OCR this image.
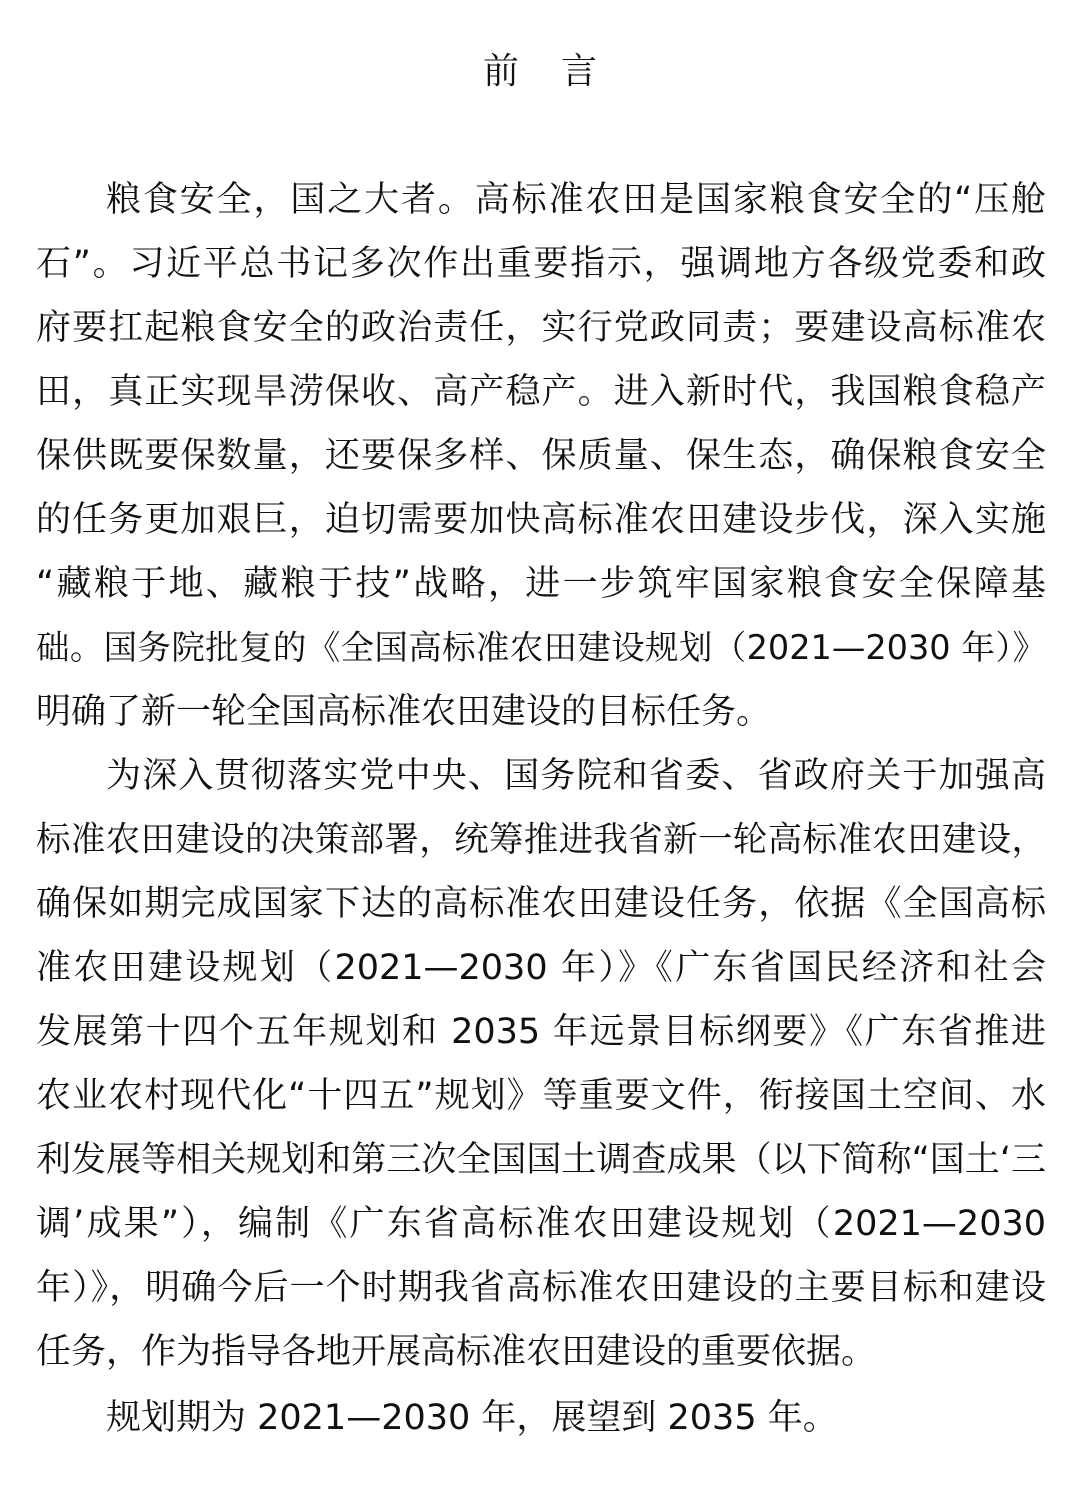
前言
粮食安全，国之大者。高标准农田是国家粮食安全的“压舱
石”。习近平总书记多次作出重要指示，强调地方各级党委和政
府要扛起粮食安全的政治责任，实行党政同责；要建设高标准农
田，真正实现旱涝保收、高产稳产。进入新时代，我国粮食稳产
保供既要保数量，还要保多样、保质量、保生态，确保粮食安全
的任务更加艰巨，迫切需要加快高标准农田建设步伐，深入实施
“藏粮于地、藏粮于技”战略，进一步筑牢国家粮食安全保障基
础。国务院批复的《全国高标准农田建设规划（2021—2030 年）》
明确了新一轮全国高标准农田建设的目标任务。
为深入贯彻落实党中央、国务院和省委、省政府关于加强高
标准农田建设的决策部署，统筹推进我省新一轮高标准农田建设，
确保如期完成国家下达的高标准农田建设任务，依据《全国高标
准农田建设规划（2021—2030 年）》《广东省国民经济和社会
发展第十四个五年规划和 2035 年远景目标纲要》《广东省推进
农业农村现代化“十四五”规划》等重要文件，衔接国土空间、水
利发展等相关规划和第三次全国国土调查成果（以下简称“国土‘三
调’成果”），编制《广东省高标准农田建设规划（2021—2030
年）》，明确今后一个时期我省高标准农田建设的主要目标和建设
任务，作为指导各地开展高标准农田建设的重要依据。
规划期为 2021—2030 年，展望到 2035 年。
